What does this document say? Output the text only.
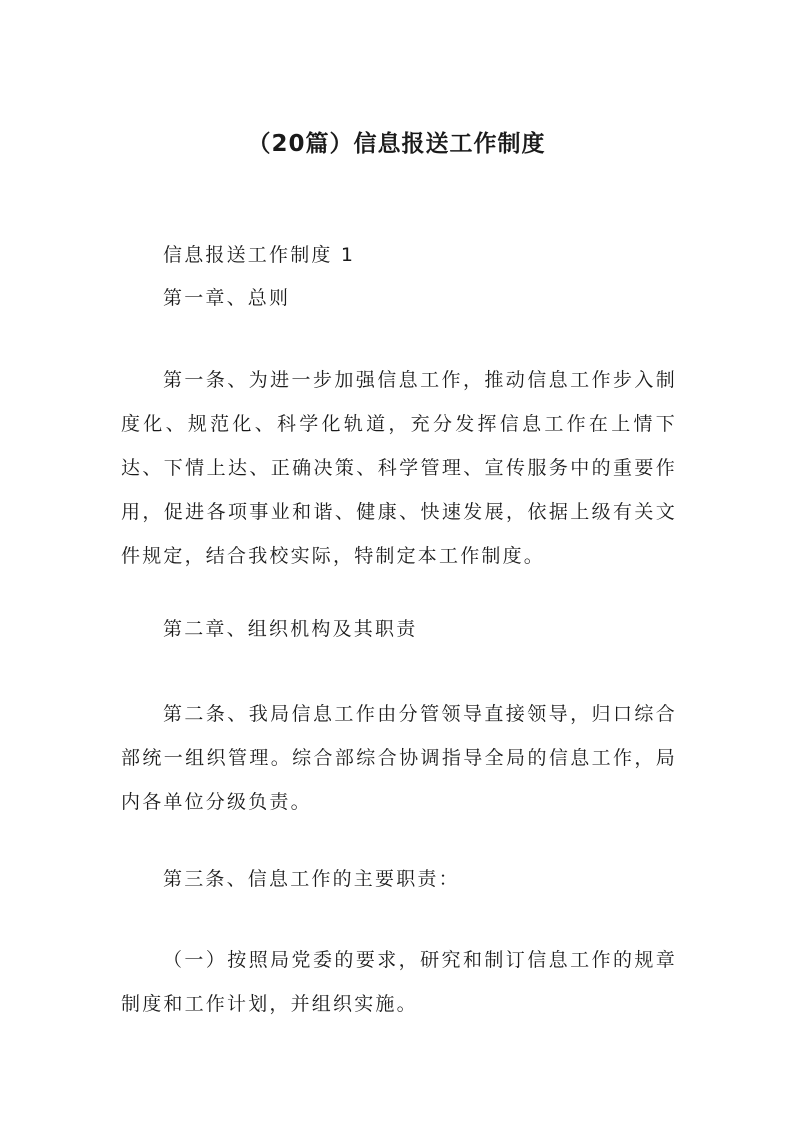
（20篇）信息报送工作制度

信息报送工作制度 1

第一章、总则

第一条、为进一步加强信息工作，推动信息工作步入制度化、规范化、科学化轨道，充分发挥信息工作在上情下达、下情上达、正确决策、科学管理、宣传服务中的重要作用，促进各项事业和谐、健康、快速发展，依据上级有关文件规定，结合我校实际，特制定本工作制度。

第二章、组织机构及其职责

第二条、我局信息工作由分管领导直接领导，归口综合部统一组织管理。综合部综合协调指导全局的信息工作，局内各单位分级负责。

第三条、信息工作的主要职责：

（一）按照局党委的要求，研究和制订信息工作的规章制度和工作计划，并组织实施。
